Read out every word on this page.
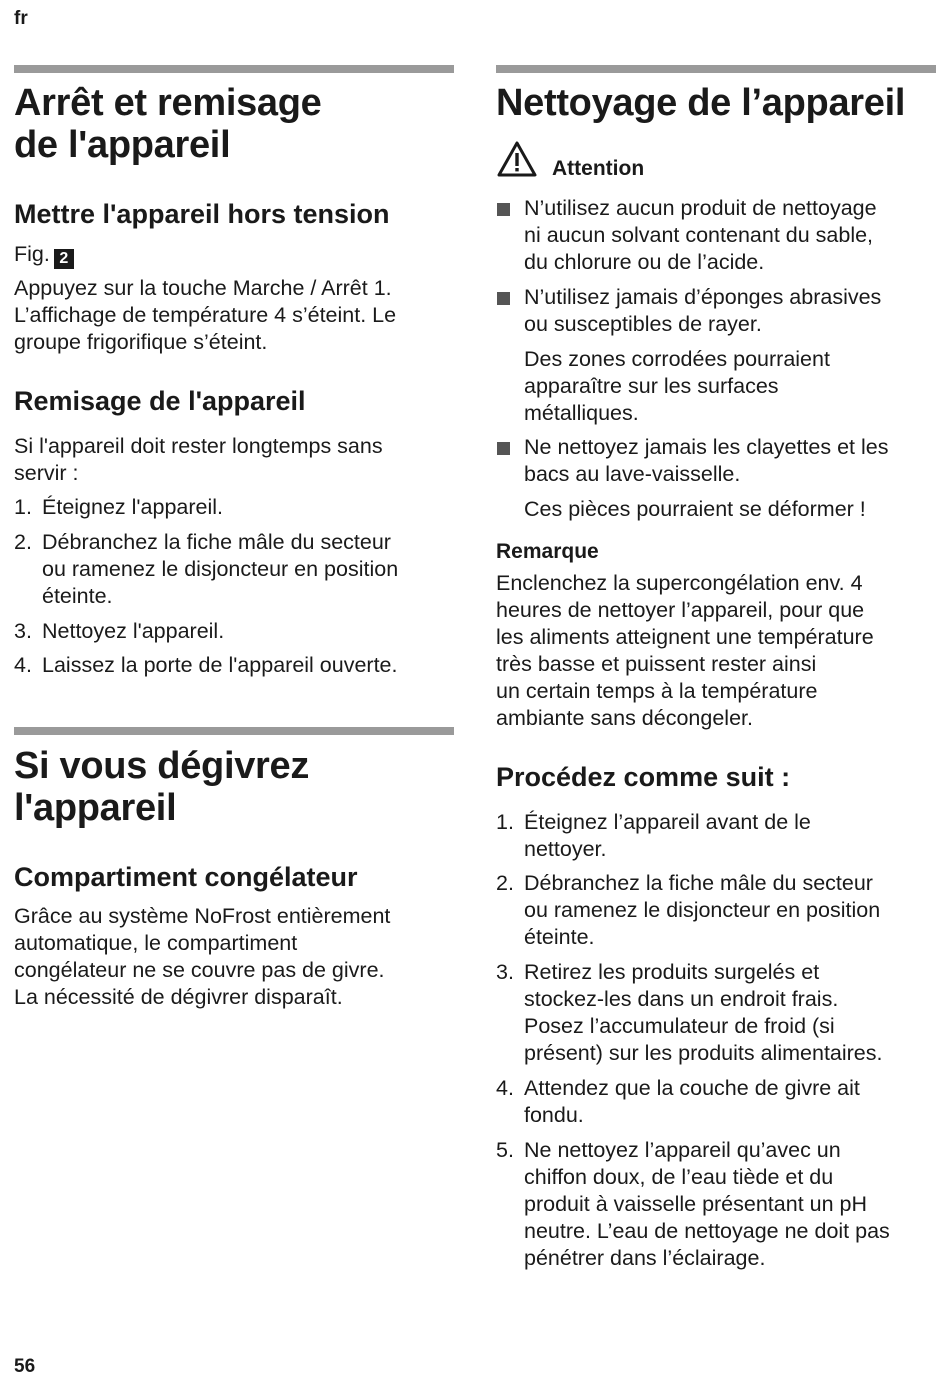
fr
Arrêt et remisage
de l'appareil
Mettre l'appareil hors tension
Fig. 2
Appuyez sur la touche Marche / Arrêt 1.
L’affichage de température 4 s’éteint. Le
groupe frigorifique s’éteint.
Remisage de l'appareil
Si l'appareil doit rester longtemps sans
servir :
1. Éteignez l'appareil.
2. Débranchez la fiche mâle du secteur
ou ramenez le disjoncteur en position
éteinte.
3. Nettoyez l'appareil.
4. Laissez la porte de l'appareil ouverte.
Si vous dégivrez
l'appareil
Compartiment congélateur
Grâce au système NoFrost entièrement
automatique, le compartiment
congélateur ne se couvre pas de givre.
La nécessité de dégivrer disparaît.
Nettoyage de l’appareil
Attention
N’utilisez aucun produit de nettoyage
ni aucun solvant contenant du sable,
du chlorure ou de l’acide.
N’utilisez jamais d’éponges abrasives
ou susceptibles de rayer.
Des zones corrodées pourraient
apparaître sur les surfaces
métalliques.
Ne nettoyez jamais les clayettes et les
bacs au lave-vaisselle.
Ces pièces pourraient se déformer !
Remarque
Enclenchez la supercongélation env. 4
heures de nettoyer l’appareil, pour que
les aliments atteignent une température
très basse et puissent rester ainsi
un certain temps à la température
ambiante sans décongeler.
Procédez comme suit :
1. Éteignez l’appareil avant de le
nettoyer.
2. Débranchez la fiche mâle du secteur
ou ramenez le disjoncteur en position
éteinte.
3. Retirez les produits surgelés et
stockez-les dans un endroit frais.
Posez l’accumulateur de froid (si
présent) sur les produits alimentaires.
4. Attendez que la couche de givre ait
fondu.
5. Ne nettoyez l’appareil qu’avec un
chiffon doux, de l’eau tiède et du
produit à vaisselle présentant un pH
neutre. L’eau de nettoyage ne doit pas
pénétrer dans l’éclairage.
56
